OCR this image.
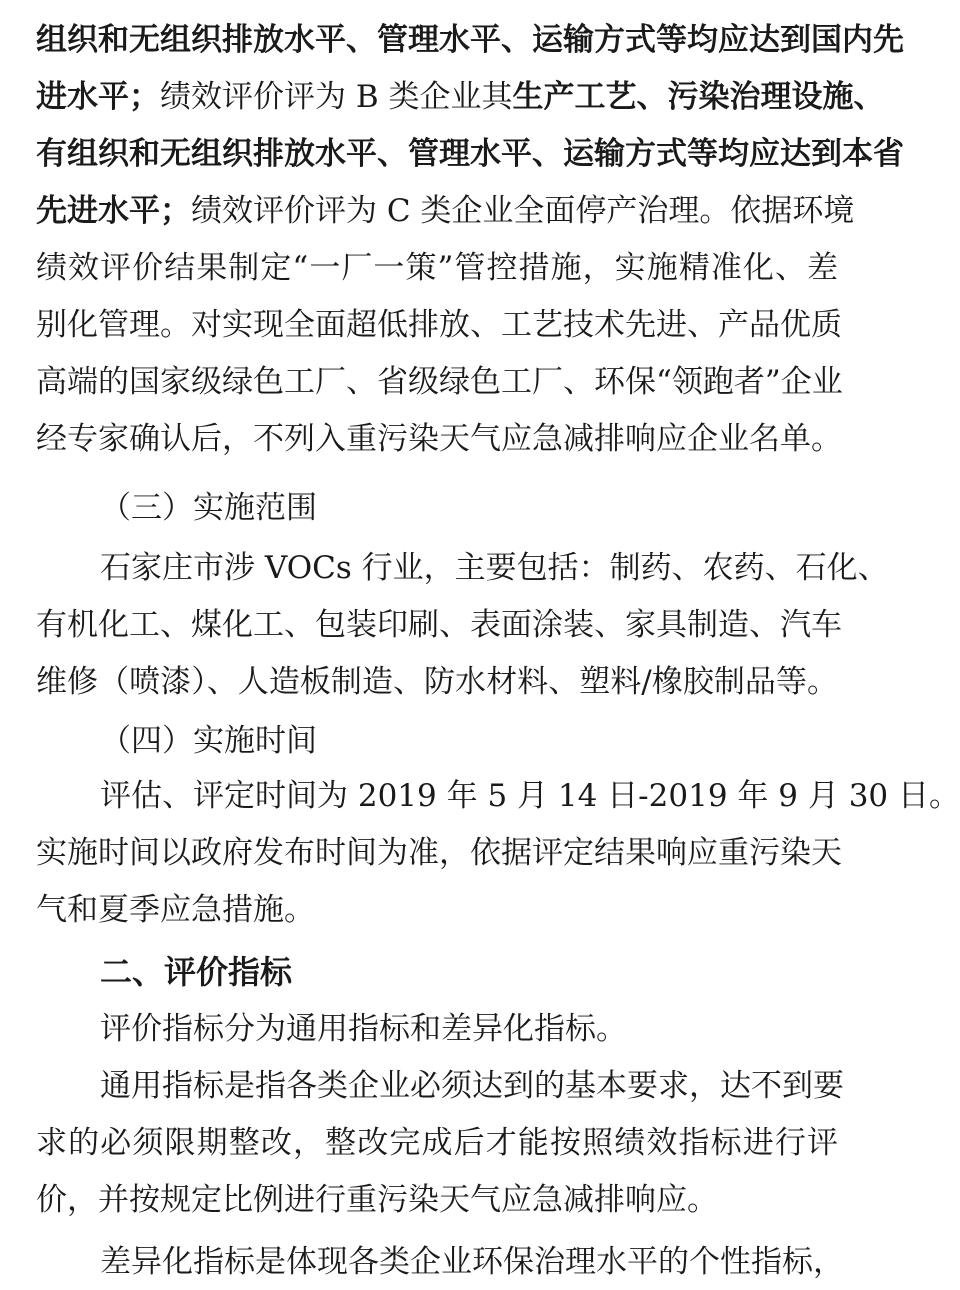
组织和无组织排放水平、管理水平、运输方式等均应达到国内先
进水平；绩效评价评为 B 类企业其生产工艺、污染治理设施、
有组织和无组织排放水平、管理水平、运输方式等均应达到本省
先进水平；绩效评价评为 C 类企业全面停产治理。依据环境
绩效评价结果制定“一厂一策”管控措施，实施精准化、差
别化管理。对实现全面超低排放、工艺技术先进、产品优质
高端的国家级绿色工厂、省级绿色工厂、环保“领跑者”企业
经专家确认后，不列入重污染天气应急减排响应企业名单。
（三）实施范围
石家庄市涉 VOCs 行业，主要包括：制药、农药、石化、
有机化工、煤化工、包装印刷、表面涂装、家具制造、汽车
维修（喷漆）、人造板制造、防水材料、塑料/橡胶制品等。
（四）实施时间
评估、评定时间为 2019 年 5 月 14 日-2019 年 9 月 30 日。
实施时间以政府发布时间为准，依据评定结果响应重污染天
气和夏季应急措施。
二、评价指标
评价指标分为通用指标和差异化指标。
通用指标是指各类企业必须达到的基本要求，达不到要
求的必须限期整改，整改完成后才能按照绩效指标进行评
价，并按规定比例进行重污染天气应急减排响应。
差异化指标是体现各类企业环保治理水平的个性指标，
